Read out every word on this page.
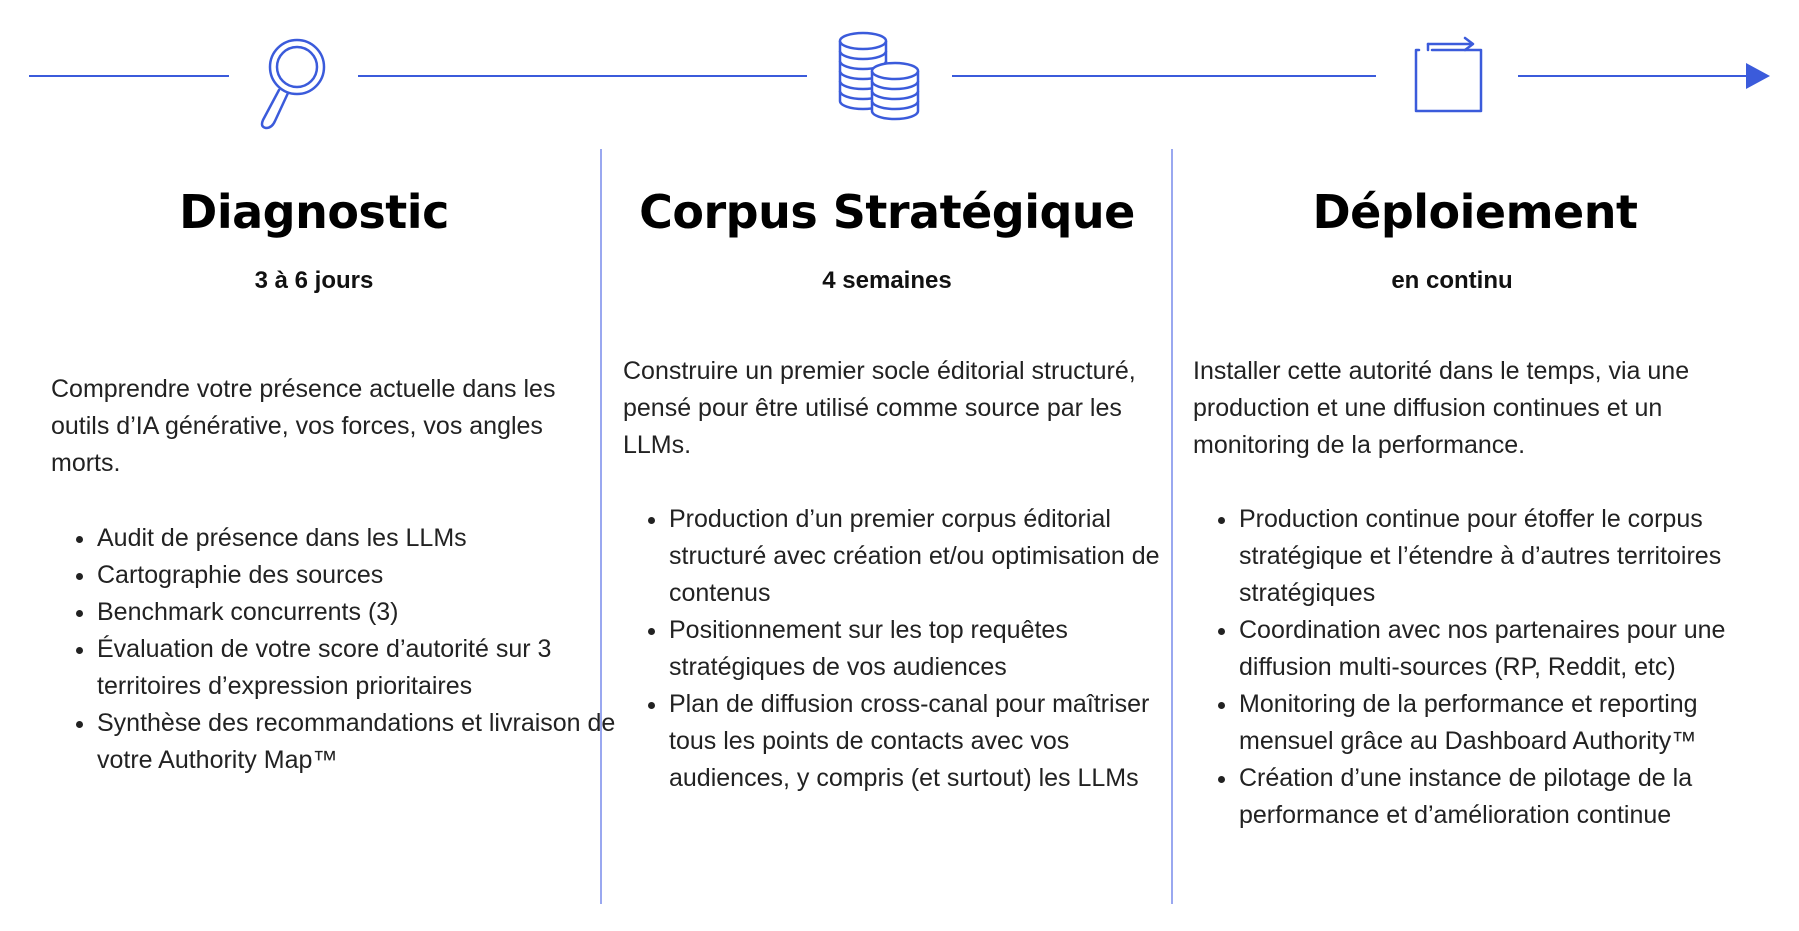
Diagnostic
3 à 6 jours
Comprendre votre présence actuelle dans les outils d’IA générative, vos forces, vos angles morts.
• Audit de présence dans les LLMs
• Cartographie des sources
• Benchmark concurrents (3)
• Évaluation de votre score d’autorité sur 3 territoires d’expression prioritaires
• Synthèse des recommandations et livraison de votre Authority Map™
Corpus Stratégique
4 semaines
Construire un premier socle éditorial structuré, pensé pour être utilisé comme source par les LLMs.
• Production d’un premier corpus éditorial structuré avec création et/ou optimisation de contenus
• Positionnement sur les top requêtes stratégiques de vos audiences
• Plan de diffusion cross-canal pour maîtriser tous les points de contacts avec vos audiences, y compris (et surtout) les LLMs
Déploiement
en continu
Installer cette autorité dans le temps, via une production et une diffusion continues et un monitoring de la performance.
• Production continue pour étoffer le corpus stratégique et l’étendre à d’autres territoires stratégiques
• Coordination avec nos partenaires pour une diffusion multi-sources (RP, Reddit, etc)
• Monitoring de la performance et reporting mensuel grâce au Dashboard Authority™
• Création d’une instance de pilotage de la performance et d’amélioration continue
